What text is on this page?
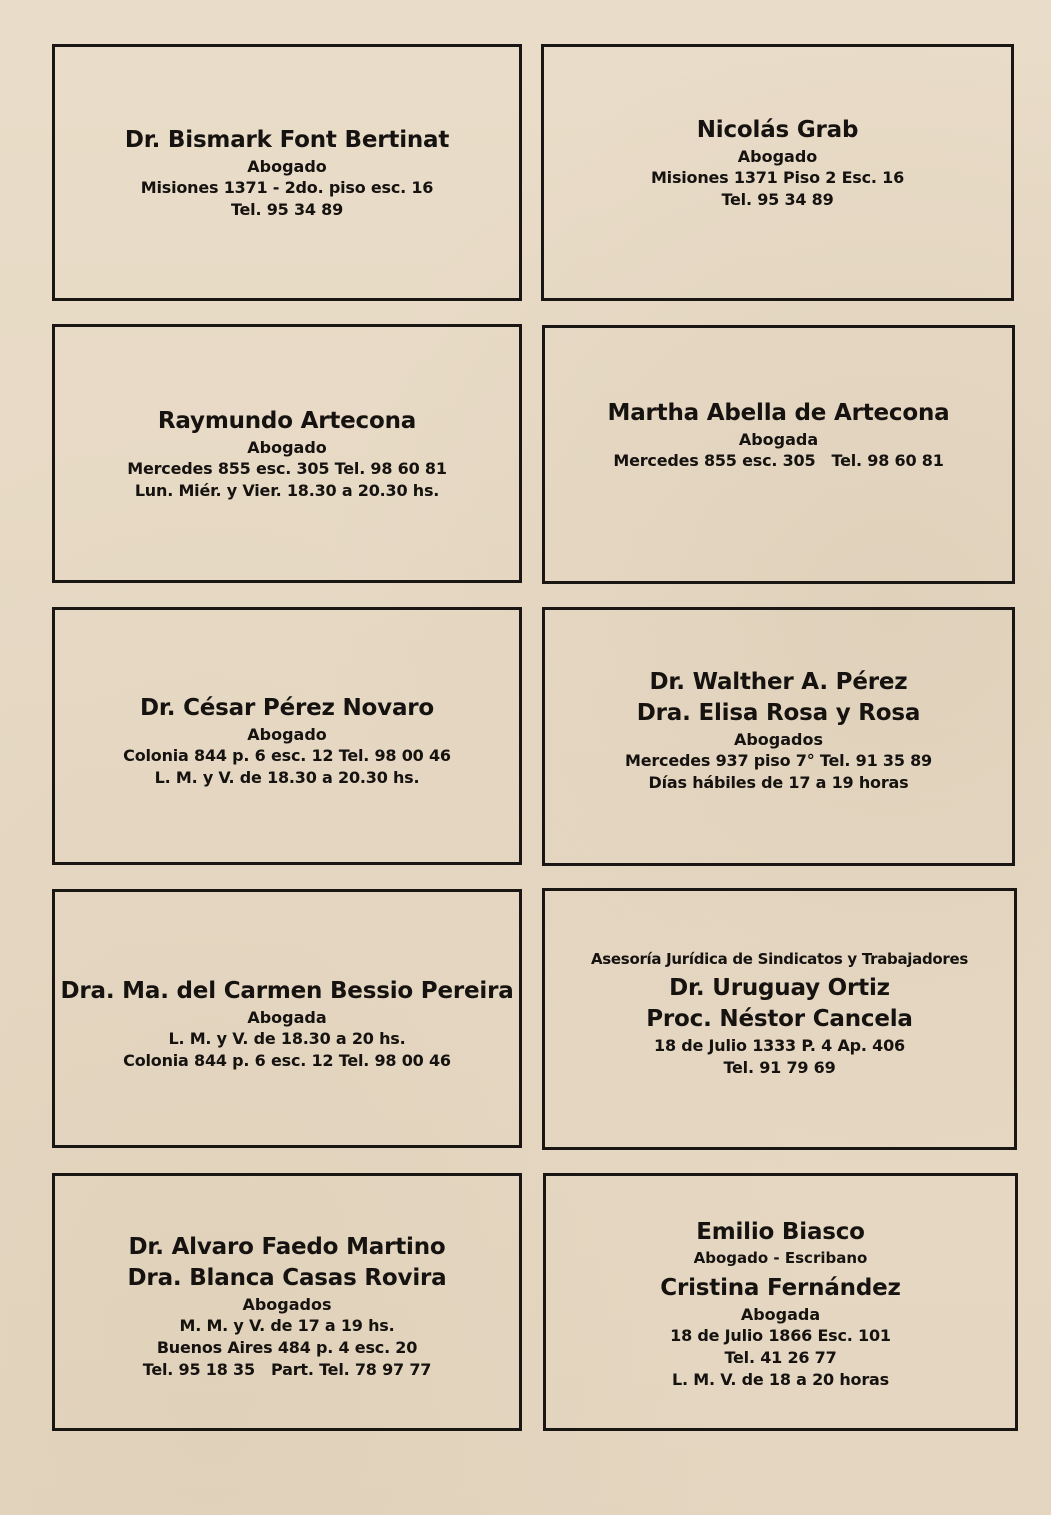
Dr. Bismark Font Bertinat
Abogado
Misiones 1371 - 2do. piso esc. 16
Tel. 95 34 89
Nicolás Grab
Abogado
Misiones 1371 Piso 2 Esc. 16
Tel. 95 34 89
Raymundo Artecona
Abogado
Mercedes 855 esc. 305 Tel. 98 60 81
Lun. Miér. y Vier. 18.30 a 20.30 hs.
Martha Abella de Artecona
Abogada
Mercedes 855 esc. 305   Tel. 98 60 81
Dr. César Pérez Novaro
Abogado
Colonia 844 p. 6 esc. 12 Tel. 98 00 46
L. M. y V. de 18.30 a 20.30 hs.
Dr. Walther A. Pérez
Dra. Elisa Rosa y Rosa
Abogados
Mercedes 937 piso 7° Tel. 91 35 89
Días hábiles de 17 a 19 horas
Dra. Ma. del Carmen Bessio Pereira
Abogada
L. M. y V. de 18.30 a 20 hs.
Colonia 844 p. 6 esc. 12 Tel. 98 00 46
Asesoría Jurídica de Sindicatos y Trabajadores
Dr. Uruguay Ortiz
Proc. Néstor Cancela
18 de Julio 1333 P. 4 Ap. 406
Tel. 91 79 69
Dr. Alvaro Faedo Martino
Dra. Blanca Casas Rovira
Abogados
M. M. y V. de 17 a 19 hs.
Buenos Aires 484 p. 4 esc. 20
Tel. 95 18 35   Part. Tel. 78 97 77
Emilio Biasco
Abogado - Escribano
Cristina Fernández
Abogada
18 de Julio 1866 Esc. 101
Tel. 41 26 77
L. M. V. de 18 a 20 horas
